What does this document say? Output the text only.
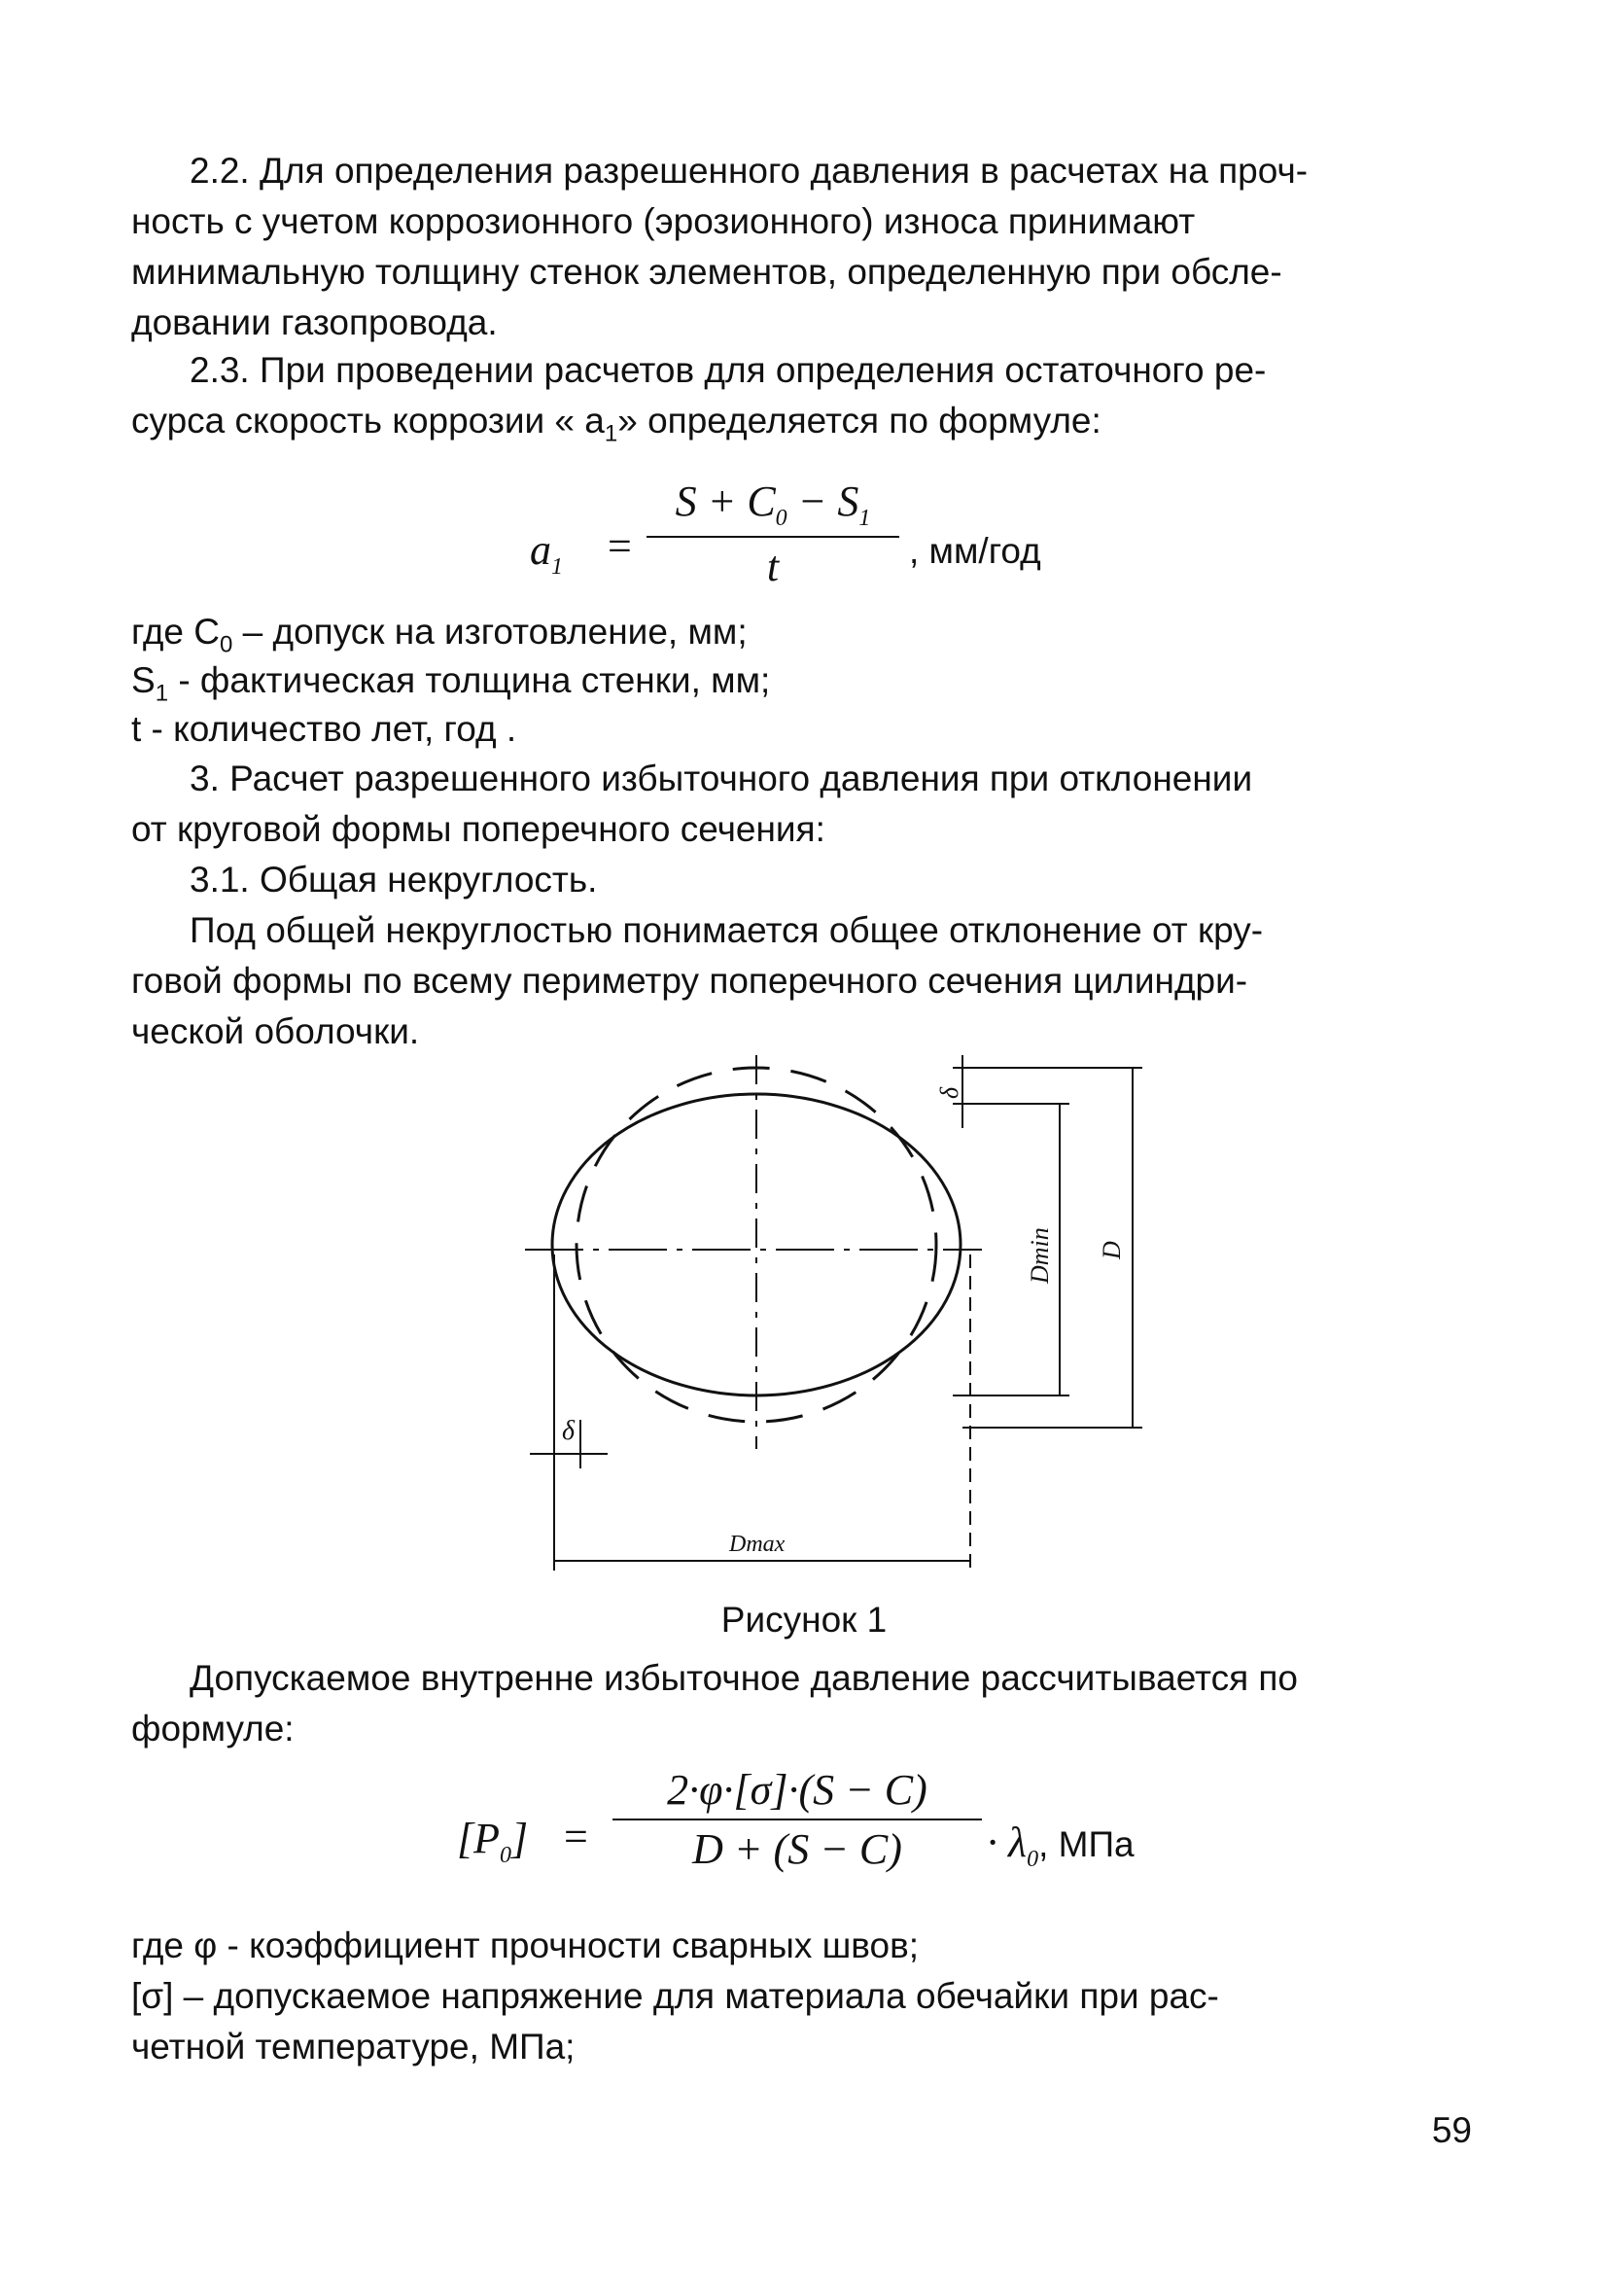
2.2. Для определения разрешенного давления в расчетах на проч-
ность с учетом коррозионного (эрозионного) износа принимают
минимальную толщину стенок элементов, определенную при обсле-
довании газопровода.

2.3. При проведении расчетов для определения остаточного ре-
сурса скорость коррозии « $a_1$» определяется по формуле:

$a_1$ =
$S + C_0 - S_1$
t	, мм/год
где $C_0$ – допуск на изготовление, мм;
$S_1$ - фактическая толщина стенки, мм;
t - количество лет, год .

3. Расчет разрешенного избыточного давления при отклонении
от круговой формы поперечного сечения:
3.1. Общая некруглость.
Под общей некруглостью понимается общее отклонение от кру-
говой формы по всему периметру поперечного сечения цилиндри-
ческой оболочки.

δ
δ
Dmin D
Dmax
Рисунок 1

Допускаемое внутренне избыточное давление рассчитывается по
формуле:

$[P_0]$ =
2·φ·[σ]·(S − C)
D + (S − C)	· $\lambda_0$, МПа

где φ - коэффициент прочности сварных швов;
[σ] – допускаемое напряжение для материала обечайки при рас-
четной температуре, МПа;

59
